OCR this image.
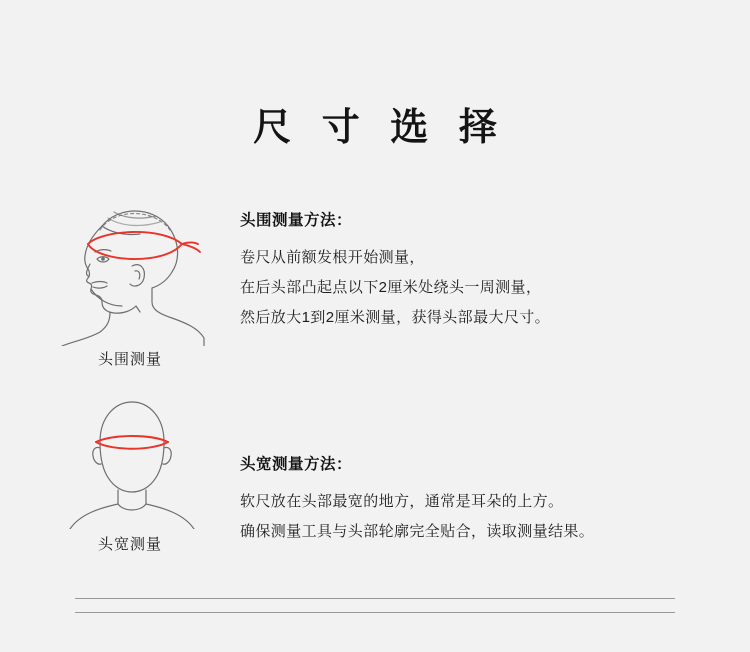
尺 寸 选 择
头围测量
头围测量方法：
卷尺从前额发根开始测量，
在后头部凸起点以下2厘米处绕头一周测量，
然后放大1到2厘米测量，获得头部最大尺寸。
头宽测量
头宽测量方法：
软尺放在头部最宽的地方，通常是耳朵的上方。
确保测量工具与头部轮廓完全贴合，读取测量结果。
